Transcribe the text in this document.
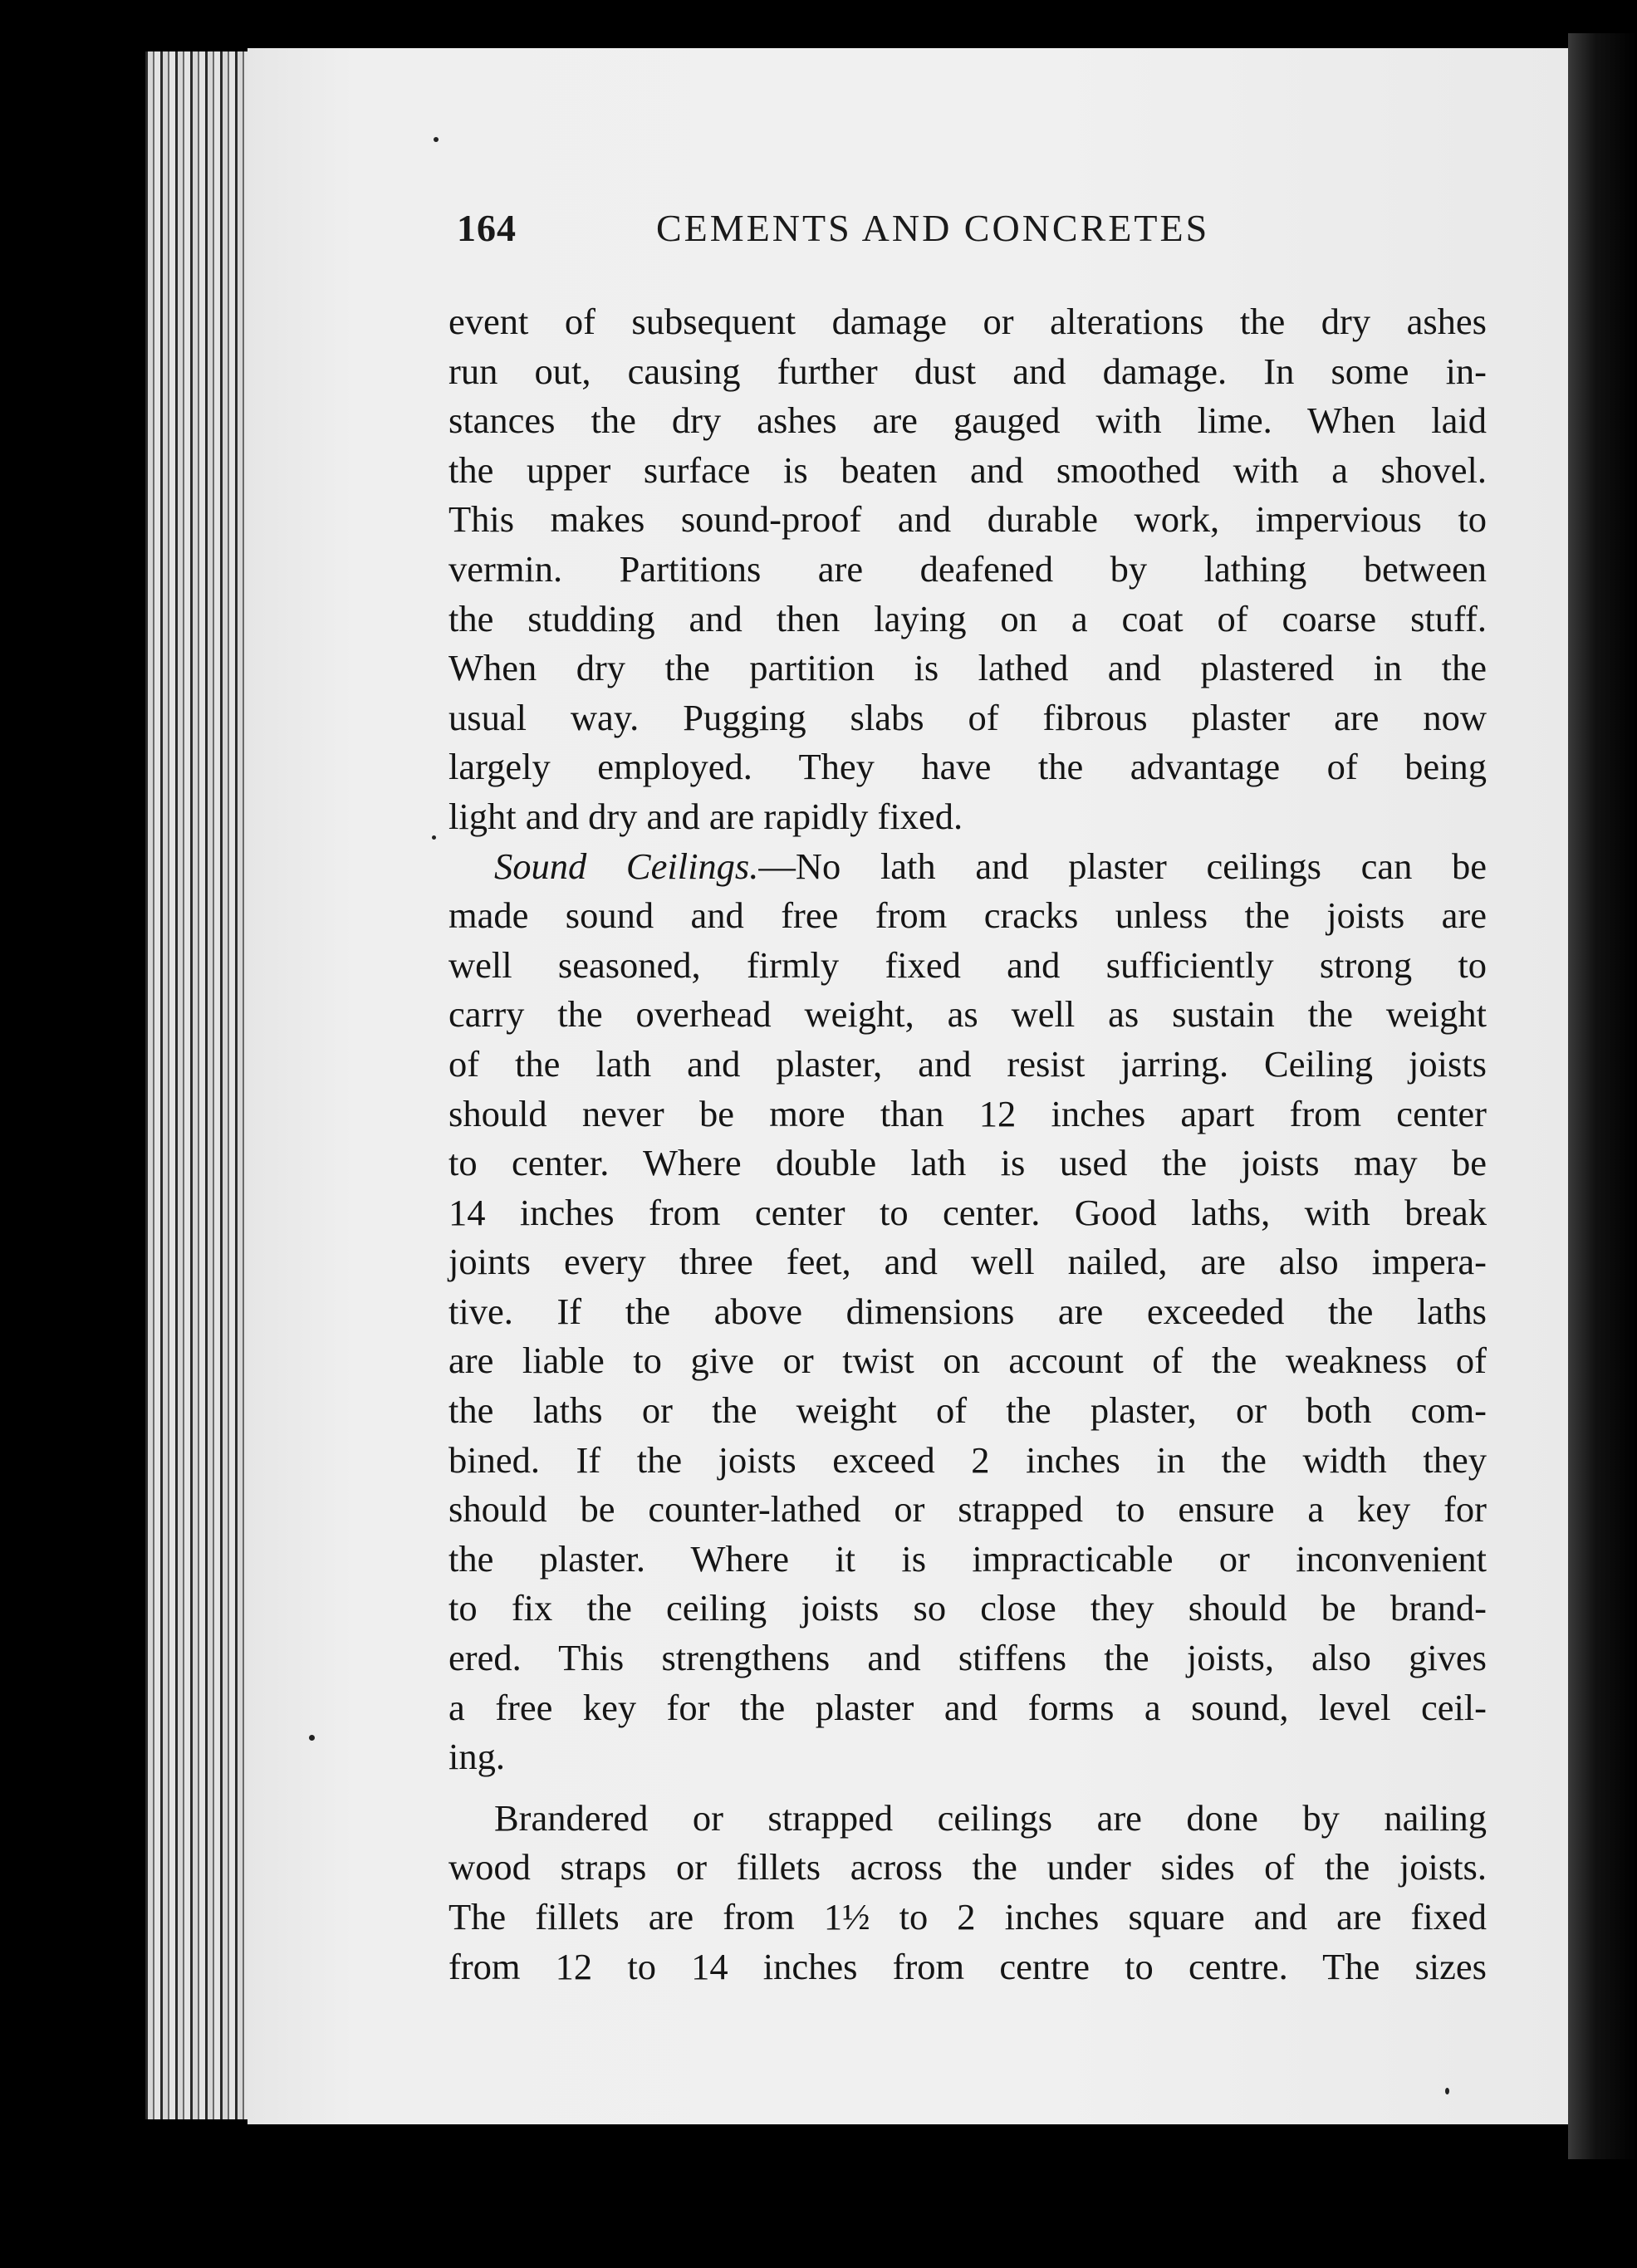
164	CEMENTS AND CONCRETES
event of subsequent damage or alterations the dry ashes
run out, causing further dust and damage. In some in-
stances the dry ashes are gauged with lime. When laid
the upper surface is beaten and smoothed with a shovel.
This makes sound-proof and durable work, impervious to
vermin. Partitions are deafened by lathing between
the studding and then laying on a coat of coarse stuff.
When dry the partition is lathed and plastered in the
usual way. Pugging slabs of fibrous plaster are now
largely employed. They have the advantage of being
light and dry and are rapidly fixed.
Sound Ceilings.—No lath and plaster ceilings can be
made sound and free from cracks unless the joists are
well seasoned, firmly fixed and sufficiently strong to
carry the overhead weight, as well as sustain the weight
of the lath and plaster, and resist jarring. Ceiling joists
should never be more than 12 inches apart from center
to center. Where double lath is used the joists may be
14 inches from center to center. Good laths, with break
joints every three feet, and well nailed, are also impera-
tive. If the above dimensions are exceeded the laths
are liable to give or twist on account of the weakness of
the laths or the weight of the plaster, or both com-
bined. If the joists exceed 2 inches in the width they
should be counter-lathed or strapped to ensure a key for
the plaster. Where it is impracticable or inconvenient
to fix the ceiling joists so close they should be brand-
ered. This strengthens and stiffens the joists, also gives
a free key for the plaster and forms a sound, level ceil-
ing.
Brandered or strapped ceilings are done by nailing
wood straps or fillets across the under sides of the joists.
The fillets are from 1½ to 2 inches square and are fixed
from 12 to 14 inches from centre to centre. The sizes
